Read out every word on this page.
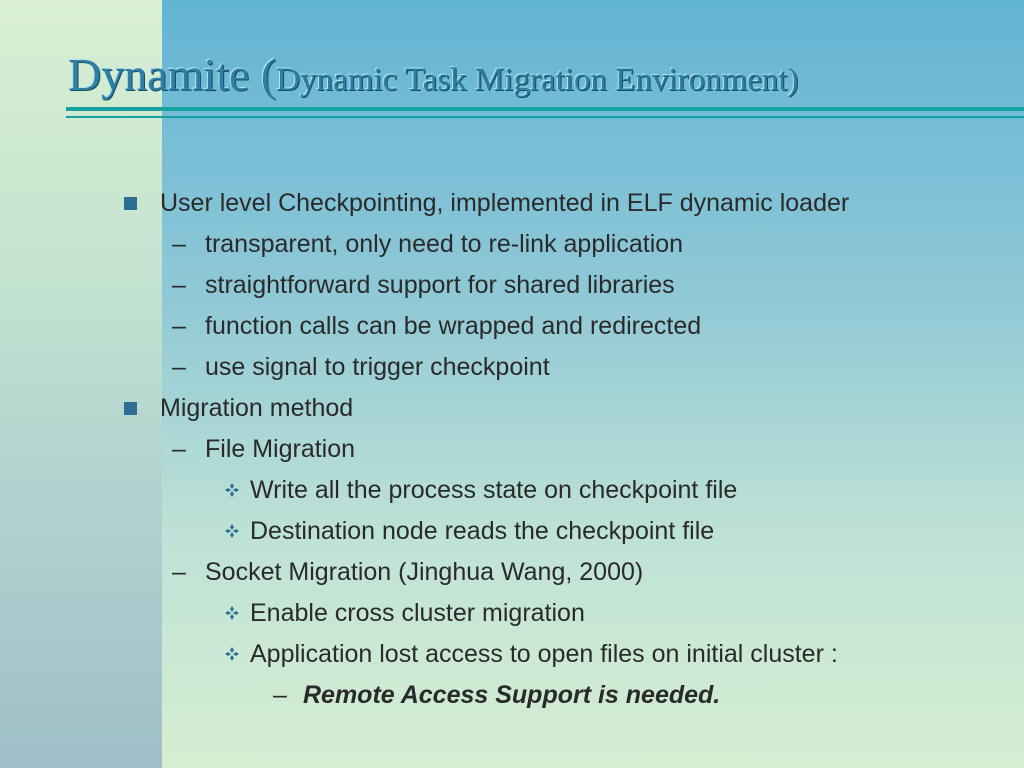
Dynamite (Dynamic Task Migration Environment)
User level Checkpointing, implemented in ELF dynamic loader
– transparent, only need to re-link application
– straightforward support for shared libraries
– function calls can be wrapped and redirected
– use signal to trigger checkpoint
Migration method
– File Migration
Write all the process state on checkpoint file
Destination node reads the checkpoint file
– Socket Migration (Jinghua Wang, 2000)
Enable cross cluster migration
Application lost access to open files on initial cluster :
– Remote Access Support is needed.
